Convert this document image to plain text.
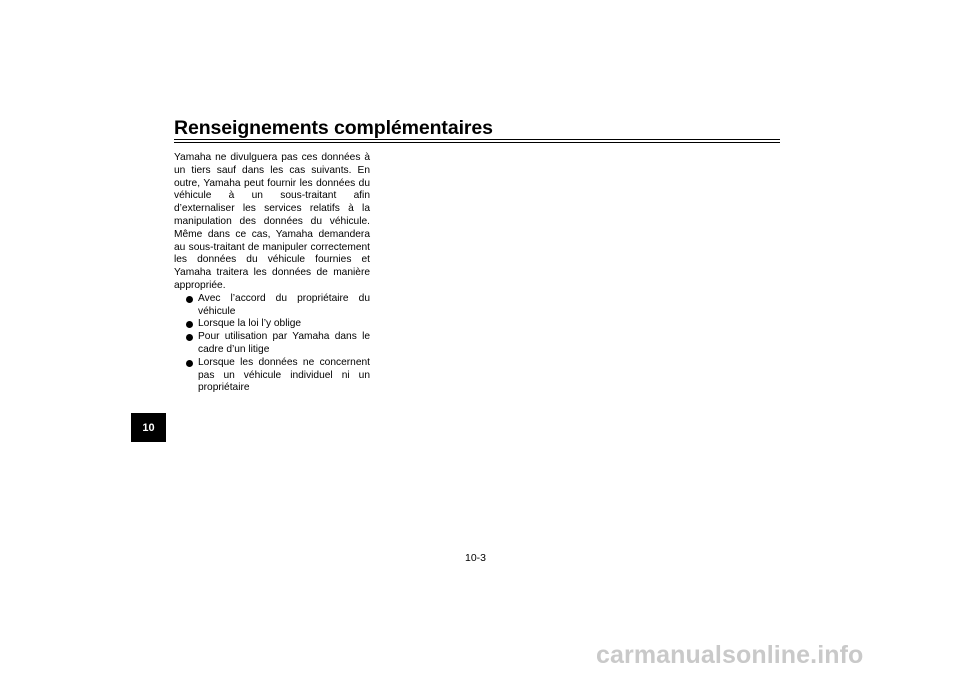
Renseignements complémentaires
10

Yamaha ne divulguera pas ces données à un tiers sauf dans les cas suivants. En outre, Yamaha peut fournir les données du véhicule à un sous-traitant afin d’externaliser les services relatifs à la manipulation des données du véhicule. Même dans ce cas, Yamaha demandera au sous-traitant de manipuler correctement les données du véhicule fournies et Yamaha traitera les données de manière appropriée.

Avec l’accord du propriétaire du véhicule
Lorsque la loi l’y oblige
Pour utilisation par Yamaha dans le cadre d’un litige
Lorsque les données ne concernent pas un véhicule individuel ni un propriétaire
10-3
carmanualsonline.info
